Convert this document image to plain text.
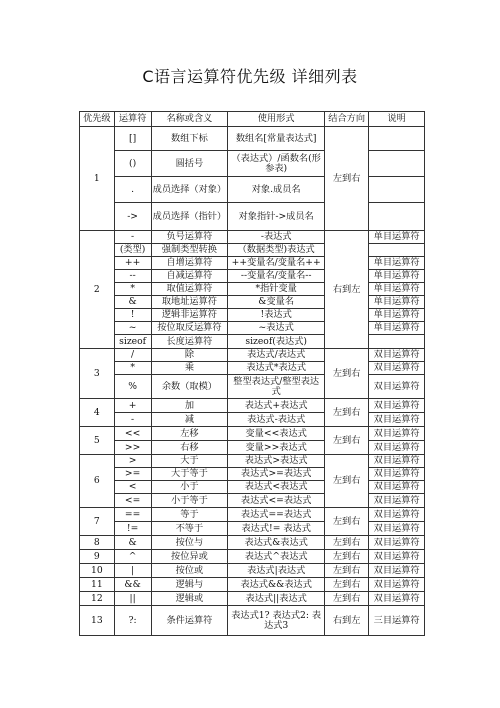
C语言运算符优先级 详细列表
优先级	运算符	名称或含义	使用形式	结合方向	说明
1	[]	数组下标	数组名[常量表达式]	左到右	
	()	圆括号	（表达式）/函数名(形参表)		
	.	成员选择（对象）	对象.成员名		
	->	成员选择（指针）	对象指针->成员名		
2	-	负号运算符	-表达式	右到左	单目运算符
	(类型)	强制类型转换	（数据类型)表达式		
	++	自增运算符	++变量名/变量名++		单目运算符
	--	自减运算符	--变量名/变量名--		单目运算符
	*	取值运算符	*指针变量		单目运算符
	&	取地址运算符	&变量名		单目运算符
	!	逻辑非运算符	!表达式		单目运算符
	~	按位取反运算符	~表达式		单目运算符
	sizeof	长度运算符	sizeof(表达式)		
3	/	除	表达式/表达式	左到右	双目运算符
	*	乘	表达式*表达式		双目运算符
	%	余数（取模）	整型表达式/整型表达式		双目运算符
4	+	加	表达式+表达式	左到右	双目运算符
	-	减	表达式-表达式		双目运算符
5	<<	左移	变量<<表达式	左到右	双目运算符
	>>	右移	变量>>表达式		双目运算符
6	>	大于	表达式>表达式	左到右	双目运算符
	>=	大于等于	表达式>=表达式		双目运算符
	<	小于	表达式<表达式		双目运算符
	<=	小于等于	表达式<=表达式		双目运算符
7	==	等于	表达式==表达式	左到右	双目运算符
	!=	不等于	表达式!= 表达式		双目运算符
8	&	按位与	表达式&表达式	左到右	双目运算符
9	^	按位异或	表达式^表达式	左到右	双目运算符
10	|	按位或	表达式|表达式	左到右	双目运算符
11	&&	逻辑与	表达式&&表达式	左到右	双目运算符
12	||	逻辑或	表达式||表达式	左到右	双目运算符
13	?:	条件运算符	表达式1? 表达式2: 表达式3	右到左	三目运算符
